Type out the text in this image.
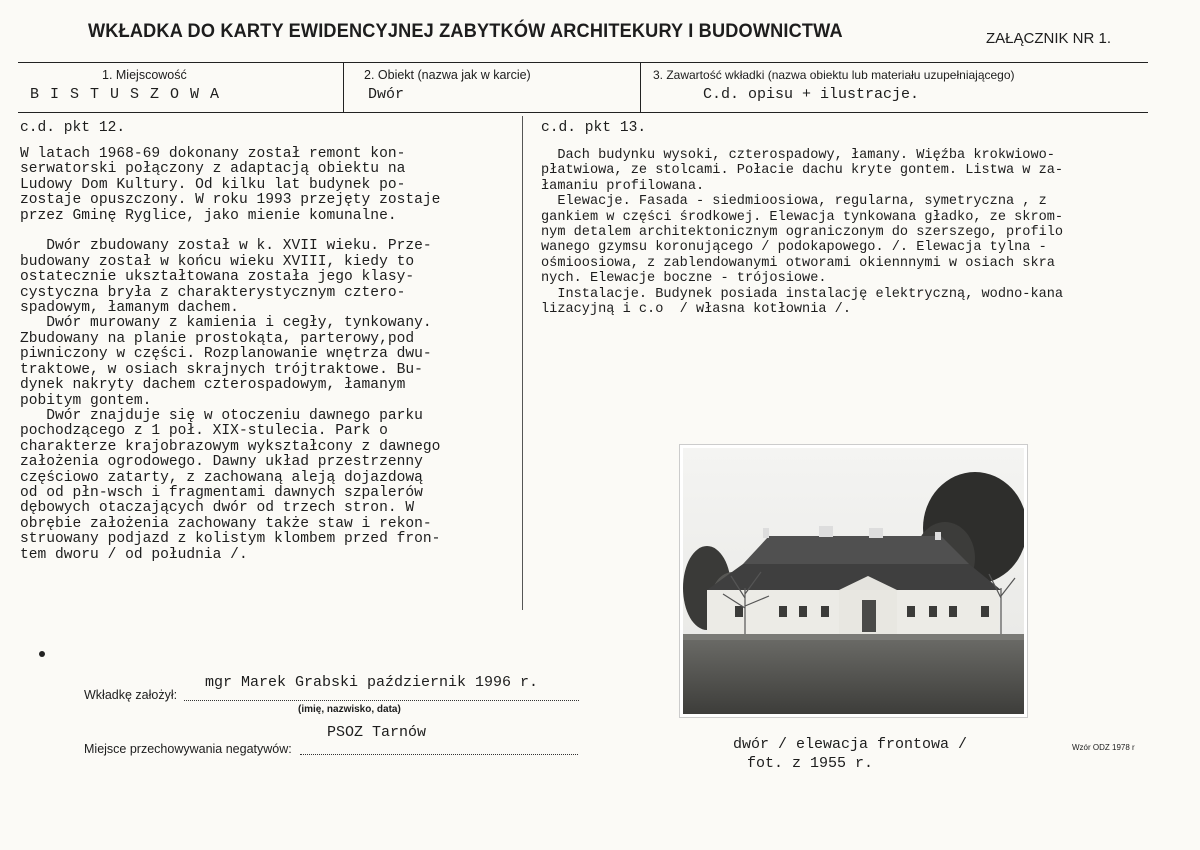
WKŁADKA DO KARTY EWIDENCYJNEJ ZABYTKÓW ARCHITEKURY I BUDOWNICTWA	ZAŁĄCZNIK NR 1.
1. Miejscowość
B I S T U S Z O W A
2. Obiekt (nazwa jak w karcie)
Dwór
3. Zawartość wkładki (nazwa obiektu lub materiału uzupełniającego)
C.d. opisu + ilustracje.
c.d. pkt 12.
W latach 1968-69 dokonany został remont kon-
serwatorski połączony z adaptacją obiektu na
Ludowy Dom Kultury. Od kilku lat budynek po-
zostaje opuszczony. W roku 1993 przejęty zostaje
przez Gminę Ryglice, jako mienie komunalne.

Dwór zbudowany został w k. XVII wieku. Prze-
budowany został w końcu wieku XVIII, kiedy to
ostatecznie ukształtowana została jego klasy-
cystyczna bryła z charakterystycznym cztero-
spadowym, łamanym dachem.
Dwór murowany z kamienia i cegły, tynkowany.
Zbudowany na planie prostokąta, parterowy,pod
piwniczony w części. Rozplanowanie wnętrza dwu-
traktowe, w osiach skrajnych trójtraktowe. Bu-
dynek nakryty dachem czterospadowym, łamanym
pobitym gontem.
Dwór znajduje się w otoczeniu dawnego parku
pochodzącego z 1 poł. XIX-stulecia. Park o
charakterze krajobrazowym wykształcony z dawnego
założenia ogrodowego. Dawny układ przestrzenny
częściowo zatarty, z zachowaną aleją dojazdową
od od płn-wsch i fragmentami dawnych szpalerów
dębowych otaczających dwór od trzech stron. W
obrębie założenia zachowany także staw i rekon-
struowany podjazd z kolistym klombem przed fron-
tem dworu / od południa /.
c.d. pkt 13.
Dach budynku wysoki, czterospadowy, łamany. Więźba krokwiowo-
płatwiowa, ze stolcami. Połacie dachu kryte gontem. Listwa w za-
łamaniu profilowana.
Elewacje. Fasada - siedmioosiowa, regularna, symetryczna , z
gankiem w części środkowej. Elewacja tynkowana gładko, ze skrom-
nym detalem architektonicznym ograniczonym do szerszego, profilo
wanego gzymsu koronującego / podokapowego. /. Elewacja tylna -
ośmioosiowa, z zablendowanymi otworami okiennnymi w osiach skra
nych. Elewacje boczne - trójosiowe.
Instalacje. Budynek posiada instalację elektryczną, wodno-kana
lizacyjną i c.o  / własna kotłownia /.
dwór / elewacja frontowa /
fot. z 1955 r.
Wkładkę założył:
mgr Marek Grabski październik 1996 r.
(imię, nazwisko, data)
Miejsce przechowywania negatywów:
PSOZ Tarnów
Wzór ODZ 1978 r
